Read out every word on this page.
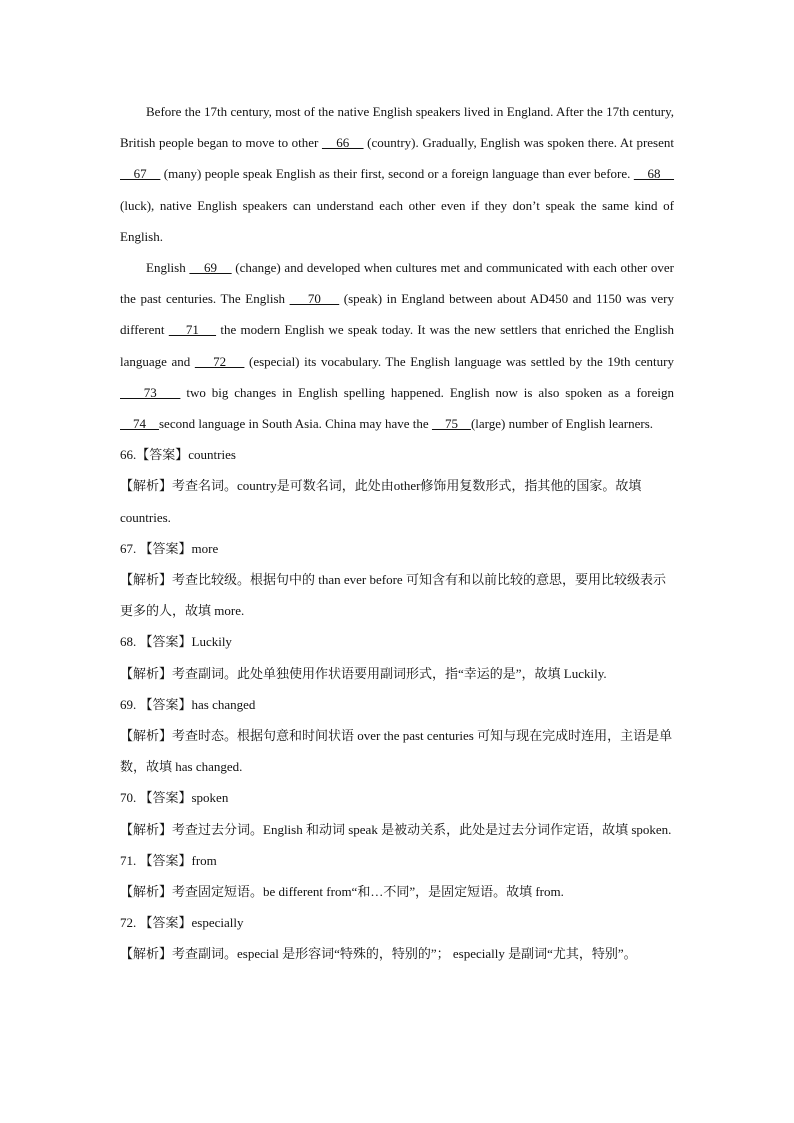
Before the 17th century, most of the native English speakers lived in England. After the 17th century, British people began to move to other     66     (country). Gradually, English was spoken there. At present     67     (many) people speak English as their first, second or a foreign language than ever before.     68     (luck), native English speakers can understand each other even if they don’t speak the same kind of English.

English     69     (change) and developed when cultures met and communicated with each other over the past centuries. The English     70     (speak) in England between about AD450 and 1150 was very different     71     the modern English we speak today. It was the new settlers that enriched the English language and     72     (especial) its vocabulary. The English language was settled by the 19th century     73     two big changes in English spelling happened. English now is also spoken as a foreign     74    second language in South Asia. China may have the     75    (large) number of English learners.

66.【答案】countries

【解析】考查名词。country是可数名词，此处由other修饰用复数形式，指其他的国家。故填 countries.

67. 【答案】more

【解析】考查比较级。根据句中的 than ever before 可知含有和以前比较的意思，要用比较级表示更多的人，故填 more.

68. 【答案】Luckily

【解析】考查副词。此处单独使用作状语要用副词形式，指“幸运的是”，故填 Luckily.

69. 【答案】has changed

【解析】考查时态。根据句意和时间状语 over the past centuries 可知与现在完成时连用，主语是单数，故填 has changed.

70. 【答案】spoken

【解析】考查过去分词。English 和动词 speak 是被动关系，此处是过去分词作定语，故填 spoken.

71. 【答案】from

【解析】考查固定短语。be different from“和…不同”，是固定短语。故填 from.

72. 【答案】especially

【解析】考查副词。especial 是形容词“特殊的，特别的”； especially 是副词“尤其，特别”。
